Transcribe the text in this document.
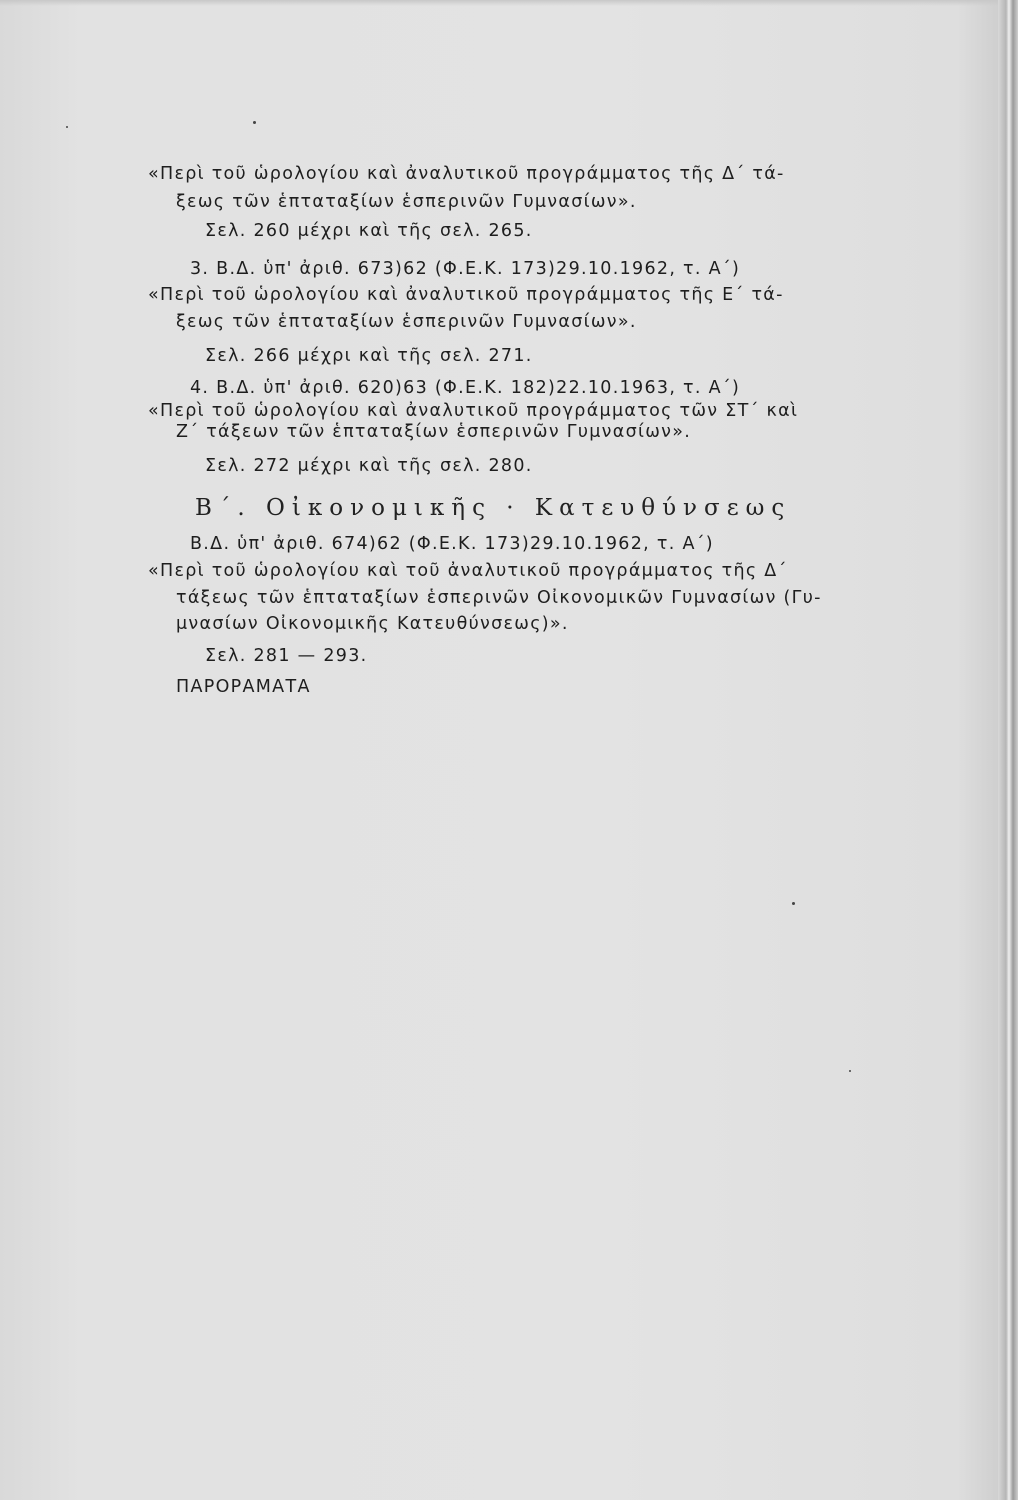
«Περὶ τοῦ ὡρολογίου καὶ ἀναλυτικοῦ προγράμματος τῆς Δ΄ τά-

ξεως τῶν ἑπταταξίων ἑσπερινῶν Γυμνασίων».

Σελ. 260 μέχρι καὶ τῆς σελ. 265.

3. Β.Δ. ὑπ' ἀριθ. 673)62 (Φ.Ε.Κ. 173)29.10.1962, τ. Α΄)

«Περὶ τοῦ ὡρολογίου καὶ ἀναλυτικοῦ προγράμματος τῆς Ε΄ τά-

ξεως τῶν ἑπταταξίων ἑσπερινῶν Γυμνασίων».

Σελ. 266 μέχρι καὶ τῆς σελ. 271.

4. Β.Δ. ὑπ' ἀριθ. 620)63 (Φ.Ε.Κ. 182)22.10.1963, τ. Α΄)

«Περὶ τοῦ ὡρολογίου καὶ ἀναλυτικοῦ προγράμματος τῶν ΣΤ΄ καὶ

Ζ΄ τάξεων τῶν ἑπταταξίων ἑσπερινῶν Γυμνασίων».

Σελ. 272 μέχρι καὶ τῆς σελ. 280.

Β΄. Οἰκονομικῆς · Κατευθύνσεως

Β.Δ. ὑπ' ἀριθ. 674)62 (Φ.Ε.Κ. 173)29.10.1962, τ. Α΄)

«Περὶ τοῦ ὡρολογίου καὶ τοῦ ἀναλυτικοῦ προγράμματος τῆς Δ΄

τάξεως τῶν ἑπταταξίων ἑσπερινῶν Οἰκονομικῶν Γυμνασίων (Γυ-

μνασίων Οἰκονομικῆς Κατευθύνσεως)».

Σελ. 281 — 293.

ΠΑΡΟΡΑΜΑΤΑ
